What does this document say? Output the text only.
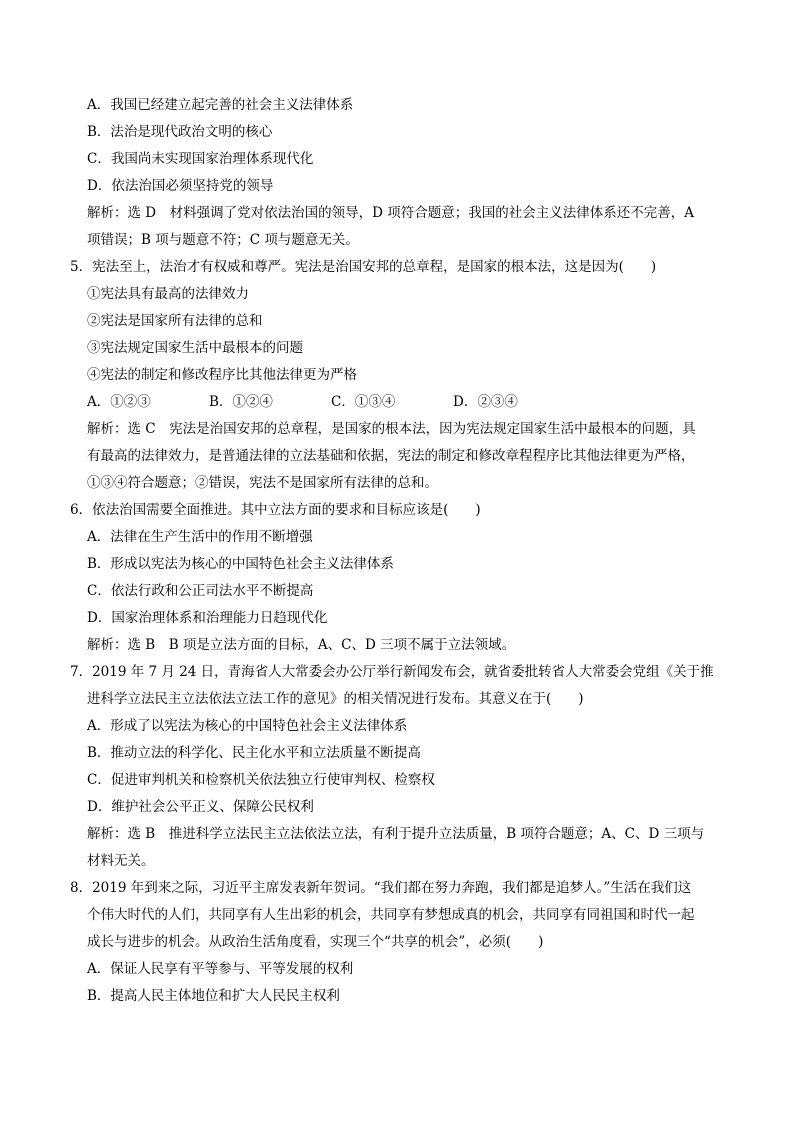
A．我国已经建立起完善的社会主义法律体系
B．法治是现代政治文明的核心
C．我国尚未实现国家治理体系现代化
D．依法治国必须坚持党的领导
解析：选 D　材料强调了党对依法治国的领导，D 项符合题意；我国的社会主义法律体系还不完善，A
项错误；B 项与题意不符；C 项与题意无关。
5．宪法至上，法治才有权威和尊严。宪法是治国安邦的总章程，是国家的根本法，这是因为(　　)
①宪法具有最高的法律效力
②宪法是国家所有法律的总和
③宪法规定国家生活中最根本的问题
④宪法的制定和修改程序比其他法律更为严格
A．①②③	B．①②④	C．①③④	D．②③④
解析：选 C　宪法是治国安邦的总章程，是国家的根本法，因为宪法规定国家生活中最根本的问题，具
有最高的法律效力，是普通法律的立法基础和依据，宪法的制定和修改章程程序比其他法律更为严格，
①③④符合题意；②错误，宪法不是国家所有法律的总和。
6．依法治国需要全面推进。其中立法方面的要求和目标应该是(　　)
A．法律在生产生活中的作用不断增强
B．形成以宪法为核心的中国特色社会主义法律体系
C．依法行政和公正司法水平不断提高
D．国家治理体系和治理能力日趋现代化
解析：选 B　B 项是立法方面的目标，A、C、D 三项不属于立法领域。
7．2019 年 7 月 24 日，青海省人大常委会办公厅举行新闻发布会，就省委批转省人大常委会党组《关于推
进科学立法民主立法依法立法工作的意见》的相关情况进行发布。其意义在于(　　)
A．形成了以宪法为核心的中国特色社会主义法律体系
B．推动立法的科学化、民主化水平和立法质量不断提高
C．促进审判机关和检察机关依法独立行使审判权、检察权
D．维护社会公平正义、保障公民权利
解析：选 B　推进科学立法民主立法依法立法，有利于提升立法质量，B 项符合题意；A、C、D 三项与
材料无关。
8．2019 年到来之际，习近平主席发表新年贺词。“我们都在努力奔跑，我们都是追梦人。”生活在我们这
个伟大时代的人们，共同享有人生出彩的机会，共同享有梦想成真的机会，共同享有同祖国和时代一起
成长与进步的机会。从政治生活角度看，实现三个“共享的机会”，必须(　　)
A．保证人民享有平等参与、平等发展的权利
B．提高人民主体地位和扩大人民民主权利
